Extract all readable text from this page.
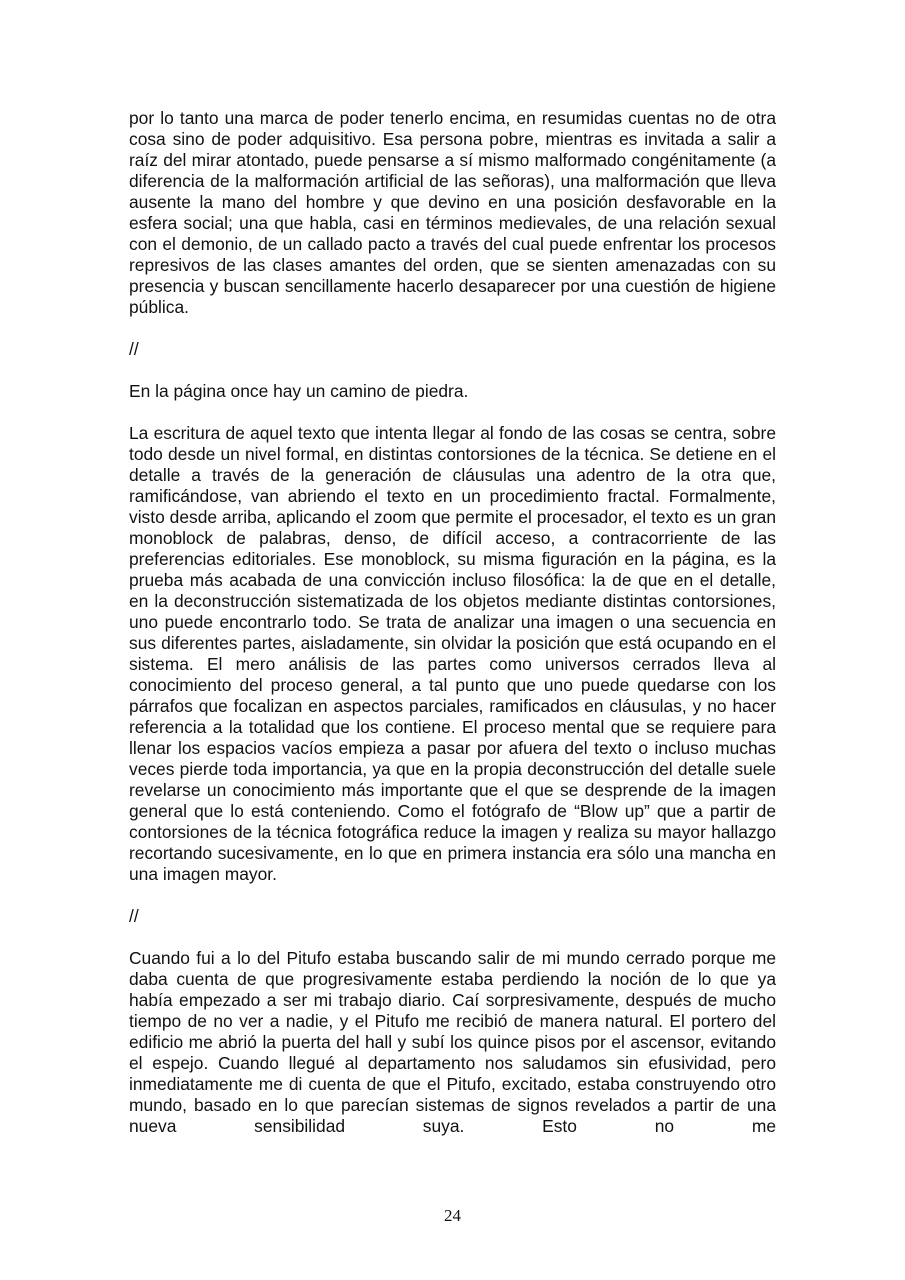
por lo tanto una marca de poder tenerlo encima, en resumidas cuentas no de otra cosa sino de poder adquisitivo. Esa persona pobre, mientras es invitada a salir a raíz del mirar atontado, puede pensarse a sí mismo malformado congénitamente (a diferencia de la malformación artificial de las señoras), una malformación que lleva ausente la mano del hombre y que devino en una posición desfavorable en la esfera social; una que habla, casi en términos medievales, de una relación sexual con el demonio, de un callado pacto a través del cual puede enfrentar los procesos represivos de las clases amantes del orden, que se sienten amenazadas con su presencia y buscan sencillamente hacerlo desaparecer por una cuestión de higiene pública.

//

En la página once hay un camino de piedra.

La escritura de aquel texto que intenta llegar al fondo de las cosas se centra, sobre todo desde un nivel formal, en distintas contorsiones de la técnica. Se detiene en el detalle a través de la generación de cláusulas una adentro de la otra que, ramificándose, van abriendo el texto en un procedimiento fractal. Formalmente, visto desde arriba, aplicando el zoom que permite el procesador, el texto es un gran monoblock de palabras, denso, de difícil acceso, a contracorriente de las preferencias editoriales. Ese monoblock, su misma figuración en la página, es la prueba más acabada de una convicción incluso filosófica: la de que en el detalle, en la deconstrucción sistematizada de los objetos mediante distintas contorsiones, uno puede encontrarlo todo. Se trata de analizar una imagen o una secuencia en sus diferentes partes, aisladamente, sin olvidar la posición que está ocupando en el sistema. El mero análisis de las partes como universos cerrados lleva al conocimiento del proceso general, a tal punto que uno puede quedarse con los párrafos que focalizan en aspectos parciales, ramificados en cláusulas, y no hacer referencia a la totalidad que los contiene. El proceso mental que se requiere para llenar los espacios vacíos empieza a pasar por afuera del texto o incluso muchas veces pierde toda importancia, ya que en la propia deconstrucción del detalle suele revelarse un conocimiento más importante que el que se desprende de la imagen general que lo está conteniendo. Como el fotógrafo de “Blow up” que a partir de contorsiones de la técnica fotográfica reduce la imagen y realiza su mayor hallazgo recortando sucesivamente, en lo que en primera instancia era sólo una mancha en una imagen mayor.

//

Cuando fui a lo del Pitufo estaba buscando salir de mi mundo cerrado porque me daba cuenta de que progresivamente estaba perdiendo la noción de lo que ya había empezado a ser mi trabajo diario. Caí sorpresivamente, después de mucho tiempo de no ver a nadie, y el Pitufo me recibió de manera natural. El portero del edificio me abrió la puerta del hall y subí los quince pisos por el ascensor, evitando el espejo. Cuando llegué al departamento nos saludamos sin efusividad, pero inmediatamente me di cuenta de que el Pitufo, excitado, estaba construyendo otro mundo, basado en lo que parecían sistemas de signos revelados a partir de una nueva sensibilidad suya. Esto no me

24
